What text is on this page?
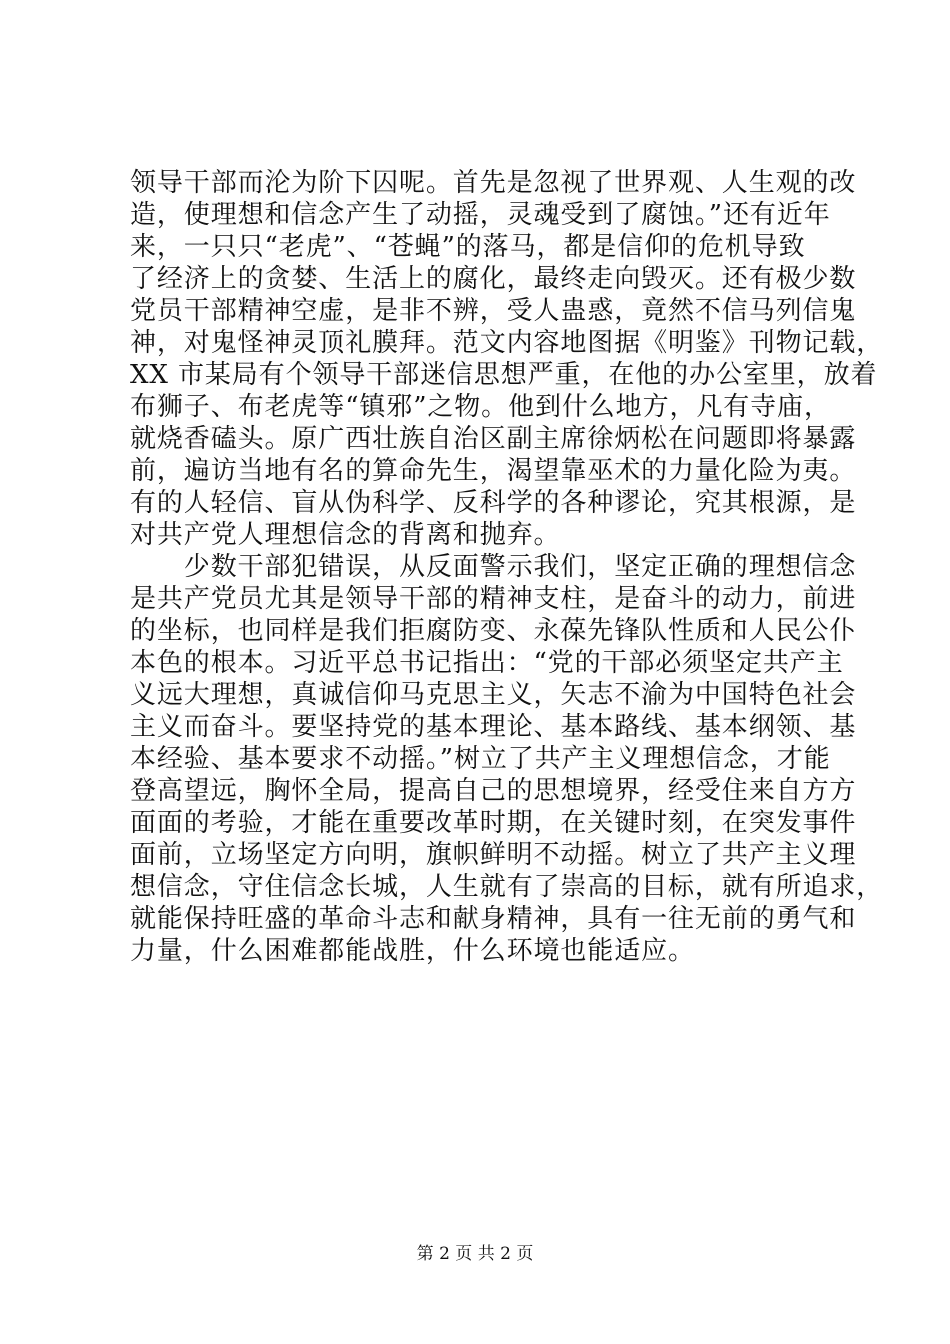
领导干部而沦为阶下囚呢。首先是忽视了世界观、人生观的改
造，使理想和信念产生了动摇，灵魂受到了腐蚀。”还有近年
来，一只只“老虎”、“苍蝇”的落马，都是信仰的危机导致
了经济上的贪婪、生活上的腐化，最终走向毁灭。还有极少数
党员干部精神空虚，是非不辨，受人蛊惑，竟然不信马列信鬼
神，对鬼怪神灵顶礼膜拜。范文内容地图据《明鉴》刊物记载，
XX 市某局有个领导干部迷信思想严重，在他的办公室里，放着
布狮子、布老虎等“镇邪”之物。他到什么地方，凡有寺庙，
就烧香磕头。原广西壮族自治区副主席徐炳松在问题即将暴露
前，遍访当地有名的算命先生，渴望靠巫术的力量化险为夷。
有的人轻信、盲从伪科学、反科学的各种谬论，究其根源，是
对共产党人理想信念的背离和抛弃。
　　少数干部犯错误，从反面警示我们，坚定正确的理想信念
是共产党员尤其是领导干部的精神支柱，是奋斗的动力，前进
的坐标，也同样是我们拒腐防变、永葆先锋队性质和人民公仆
本色的根本。习近平总书记指出：“党的干部必须坚定共产主
义远大理想，真诚信仰马克思主义，矢志不渝为中国特色社会
主义而奋斗。要坚持党的基本理论、基本路线、基本纲领、基
本经验、基本要求不动摇。”树立了共产主义理想信念，才能
登高望远，胸怀全局，提高自己的思想境界，经受住来自方方
面面的考验，才能在重要改革时期，在关键时刻，在突发事件
面前，立场坚定方向明，旗帜鲜明不动摇。树立了共产主义理
想信念，守住信念长城，人生就有了崇高的目标，就有所追求，
就能保持旺盛的革命斗志和献身精神，具有一往无前的勇气和
力量，什么困难都能战胜，什么环境也能适应。
第 2 页 共 2 页
